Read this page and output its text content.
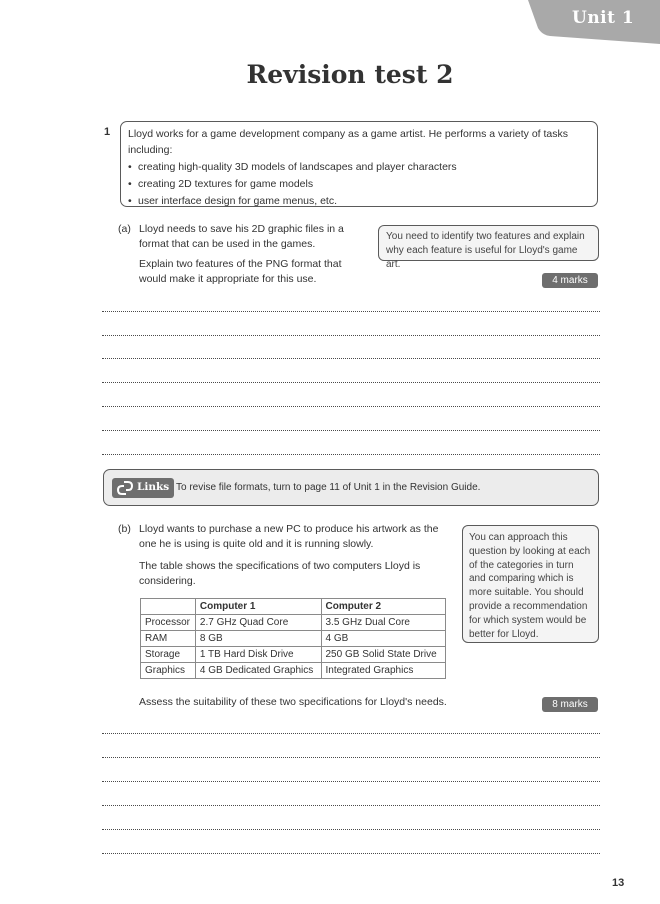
Unit 1
Revision test 2
1 Lloyd works for a game development company as a game artist. He performs a variety of tasks including:
• creating high-quality 3D models of landscapes and player characters
• creating 2D textures for game models
• user interface design for game menus, etc.
(a) Lloyd needs to save his 2D graphic files in a format that can be used in the games.

Explain two features of the PNG format that would make it appropriate for this use.

You need to identify two features and explain why each feature is useful for Lloyd's game art.
4 marks
Links To revise file formats, turn to page 11 of Unit 1 in the Revision Guide.
(b) Lloyd wants to purchase a new PC to produce his artwork as the one he is using is quite old and it is running slowly.

The table shows the specifications of two computers Lloyd is considering.

You can approach this question by looking at each of the categories in turn and comparing which is more suitable. You should provide a recommendation for which system would be better for Lloyd.
	Computer 1	Computer 2
Processor	2.7 GHz Quad Core	3.5 GHz Dual Core
RAM	8 GB	4 GB
Storage	1 TB Hard Disk Drive	250 GB Solid State Drive
Graphics	4 GB Dedicated Graphics	Integrated Graphics
Assess the suitability of these two specifications for Lloyd's needs.	8 marks
13
